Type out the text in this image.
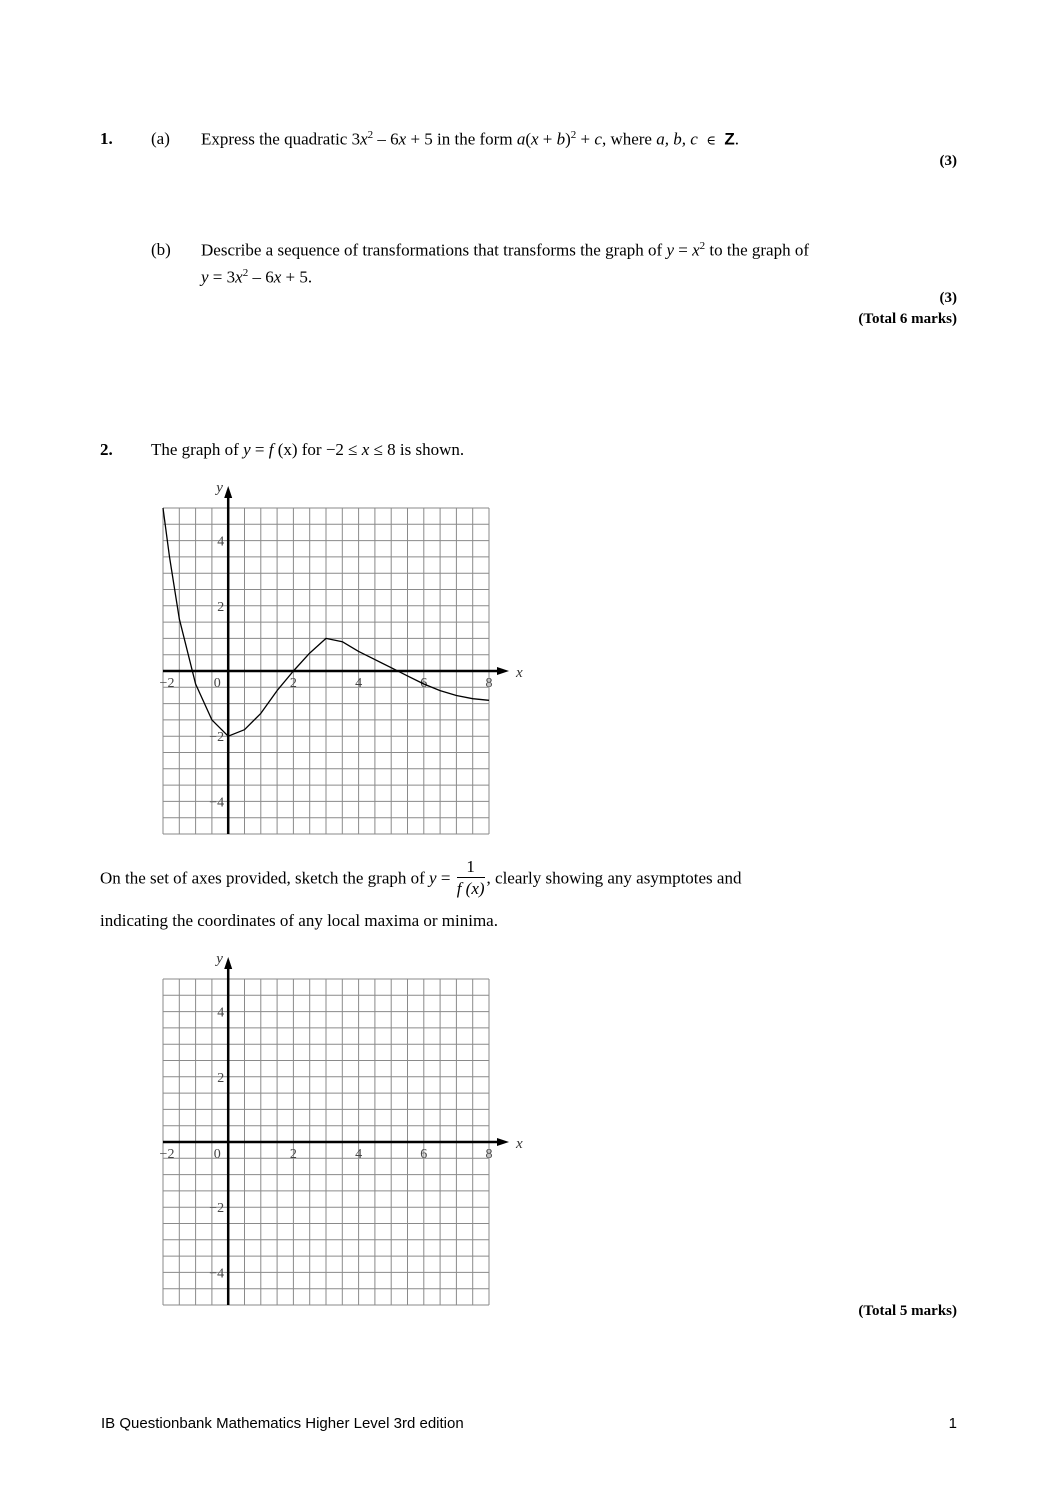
1. (a) Express the quadratic $3x^2 - 6x + 5$ in the form $a(x + b)^2 + c$, where a, b, c ∈ Z.
(3)
(b) Describe a sequence of transformations that transforms the graph of $y = x^2$ to the graph of
$y = 3x^2 - 6x + 5$.
(3)
(Total 6 marks)
2. The graph of y = f (x) for −2 ≤ x ≤ 8 is shown.
x
y
−2	0	2	4	6	8
4
2
−2
−4
On the set of axes provided, sketch the graph of $y = \frac{1}{f (x)}$ , clearly showing any asymptotes and
indicating the coordinates of any local maxima or minima.
x
y
−2	0	2	4	6	8
4
2
−2
−4
(Total 5 marks)
IB Questionbank Mathematics Higher Level 3rd edition	1
